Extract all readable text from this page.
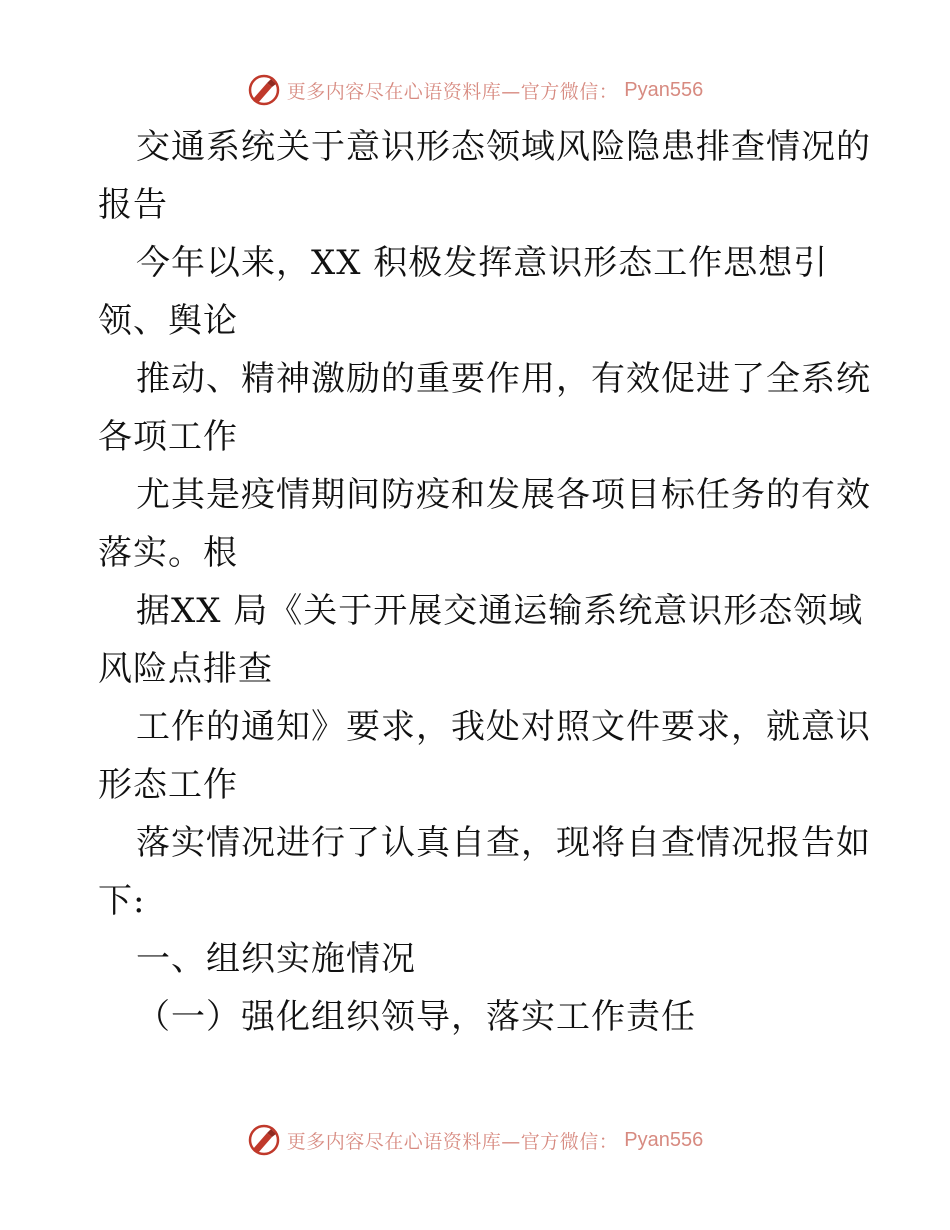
更多内容尽在心语资料库—官方微信： Pyan556
交通系统关于意识形态领域风险隐患排查情况的
报告
今年以来，XX 积极发挥意识形态工作思想引
领、舆论
推动、精神激励的重要作用，有效促进了全系统
各项工作
尤其是疫情期间防疫和发展各项目标任务的有效
落实。根
据XX 局《关于开展交通运输系统意识形态领域
风险点排查
工作的通知》要求，我处对照文件要求，就意识
形态工作
落实情况进行了认真自查，现将自查情况报告如
下:
一、组织实施情况
（一）强化组织领导，落实工作责任
更多内容尽在心语资料库—官方微信： Pyan556
